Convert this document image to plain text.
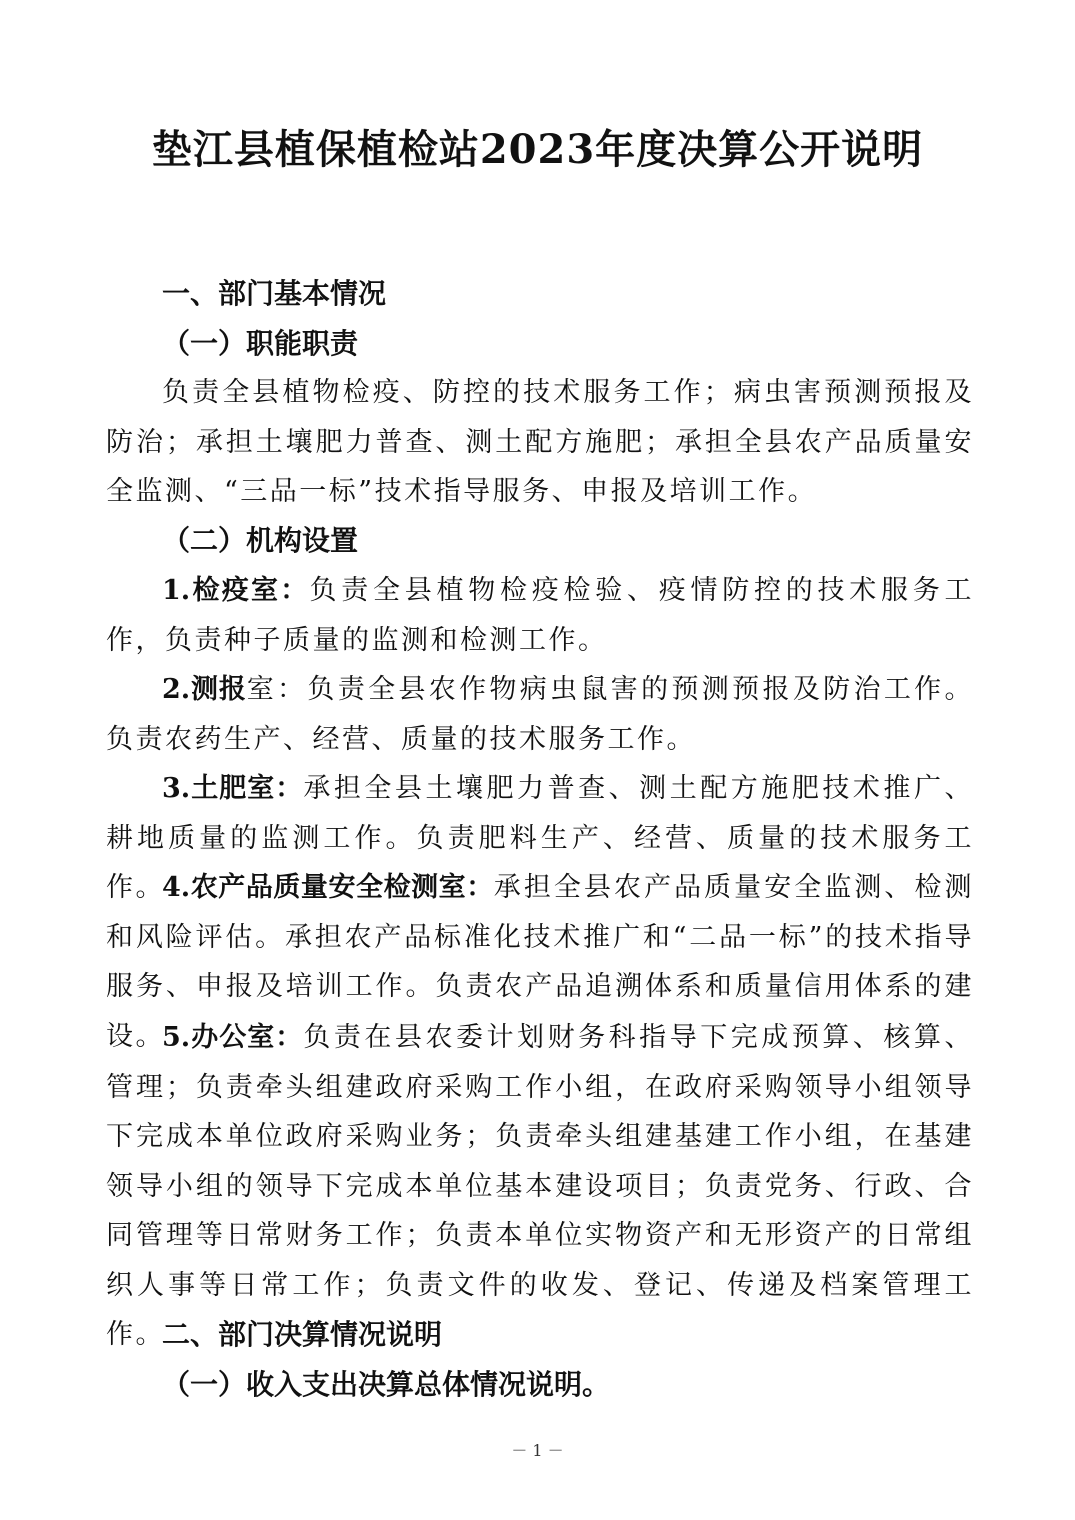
垫江县植保植检站2023年度决算公开说明
一、部门基本情况
（一）职能职责
负责全县植物检疫、防控的技术服务工作；病虫害预测预报及防治；承担土壤肥力普查、测土配方施肥；承担全县农产品质量安全监测、“三品一标”技术指导服务、申报及培训工作。
（二）机构设置
1.检疫室：负责全县植物检疫检验、疫情防控的技术服务工作，负责种子质量的监测和检测工作。
2.测报室：负责全县农作物病虫鼠害的预测预报及防治工作。负责农药生产、经营、质量的技术服务工作。
3.土肥室：承担全县土壤肥力普查、测土配方施肥技术推广、耕地质量的监测工作。负责肥料生产、经营、质量的技术服务工作。
4.农产品质量安全检测室：承担全县农产品质量安全监测、检测和风险评估。承担农产品标准化技术推广和“二品一标”的技术指导服务、申报及培训工作。负责农产品追溯体系和质量信用体系的建设。
5.办公室：负责在县农委计划财务科指导下完成预算、核算、管理；负责牵头组建政府采购工作小组，在政府采购领导小组领导下完成本单位政府采购业务；负责牵头组建基建工作小组，在基建领导小组的领导下完成本单位基本建设项目；负责党务、行政、合同管理等日常财务工作；负责本单位实物资产和无形资产的日常组织人事等日常工作；负责文件的收发、登记、传递及档案管理工作。
二、部门决算情况说明
（一）收入支出决算总体情况说明。
－ 1 －
